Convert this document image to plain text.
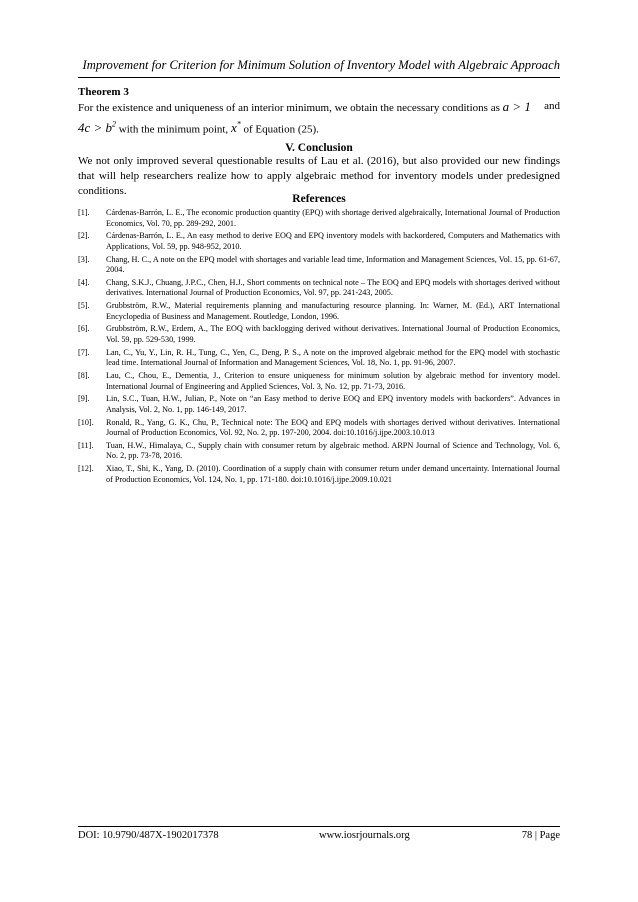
Improvement for Criterion for Minimum Solution of Inventory Model with Algebraic Approach
Theorem 3
For the existence and uniqueness of an interior minimum, we obtain the necessary conditions as a > 1 and
$4c > b^2$ with the minimum point, x* of Equation (25).
V. Conclusion
We not only improved several questionable results of Lau et al. (2016), but also provided our new findings that will help researchers realize how to apply algebraic method for inventory models under predesigned conditions.
References
[1].	Cárdenas-Barrón, L. E., The economic production quantity (EPQ) with shortage derived algebraically, International Journal of Production Economics, Vol. 70, pp. 289-292, 2001.
[2].	Cárdenas-Barrón, L. E., An easy method to derive EOQ and EPQ inventory models with backordered, Computers and Mathematics with Applications, Vol. 59, pp. 948-952, 2010.
[3].	Chang, H. C., A note on the EPQ model with shortages and variable lead time, Information and Management Sciences, Vol. 15, pp. 61-67, 2004.
[4].	Chang, S.K.J., Chuang, J.P.C., Chen, H.J., Short comments on technical note – The EOQ and EPQ models with shortages derived without derivatives. International Journal of Production Economics, Vol. 97, pp. 241-243, 2005.
[5].	Grubbström, R.W., Material requirements planning and manufacturing resource planning. In: Warner, M. (Ed.), ART International Encyclopedia of Business and Management. Routledge, London, 1996.
[6].	Grubbström, R.W., Erdem, A., The EOQ with backlogging derived without derivatives. International Journal of Production Economics, Vol. 59, pp. 529-530, 1999.
[7].	Lan, C., Yu, Y., Lin, R. H., Tung, C., Yen, C., Deng, P. S., A note on the improved algebraic method for the EPQ model with stochastic lead time. International Journal of Information and Management Sciences, Vol. 18, No. 1, pp. 91-96, 2007.
[8].	Lau, C., Chou, E., Dementia, J., Criterion to ensure uniqueness for minimum solution by algebraic method for inventory model. International Journal of Engineering and Applied Sciences, Vol. 3, No. 12, pp. 71-73, 2016.
[9].	Lin, S.C., Tuan, H.W., Julian, P., Note on “an Easy method to derive EOQ and EPQ inventory models with backorders”. Advances in Analysis, Vol. 2, No. 1, pp. 146-149, 2017.
[10].	Ronald, R., Yang, G. K., Chu, P., Technical note: The EOQ and EPQ models with shortages derived without derivatives. International Journal of Production Economics, Vol. 92, No. 2, pp. 197-200, 2004. doi:10.1016/j.ijpe.2003.10.013
[11].	Tuan, H.W., Himalaya, C., Supply chain with consumer return by algebraic method. ARPN Journal of Science and Technology, Vol. 6, No. 2, pp. 73-78, 2016.
[12].	Xiao, T., Shi, K., Yang, D. (2010). Coordination of a supply chain with consumer return under demand uncertainty. International Journal of Production Economics, Vol. 124, No. 1, pp. 171-180. doi:10.1016/j.ijpe.2009.10.021
DOI: 10.9790/487X-1902017378	www.iosrjournals.org	78 | Page
